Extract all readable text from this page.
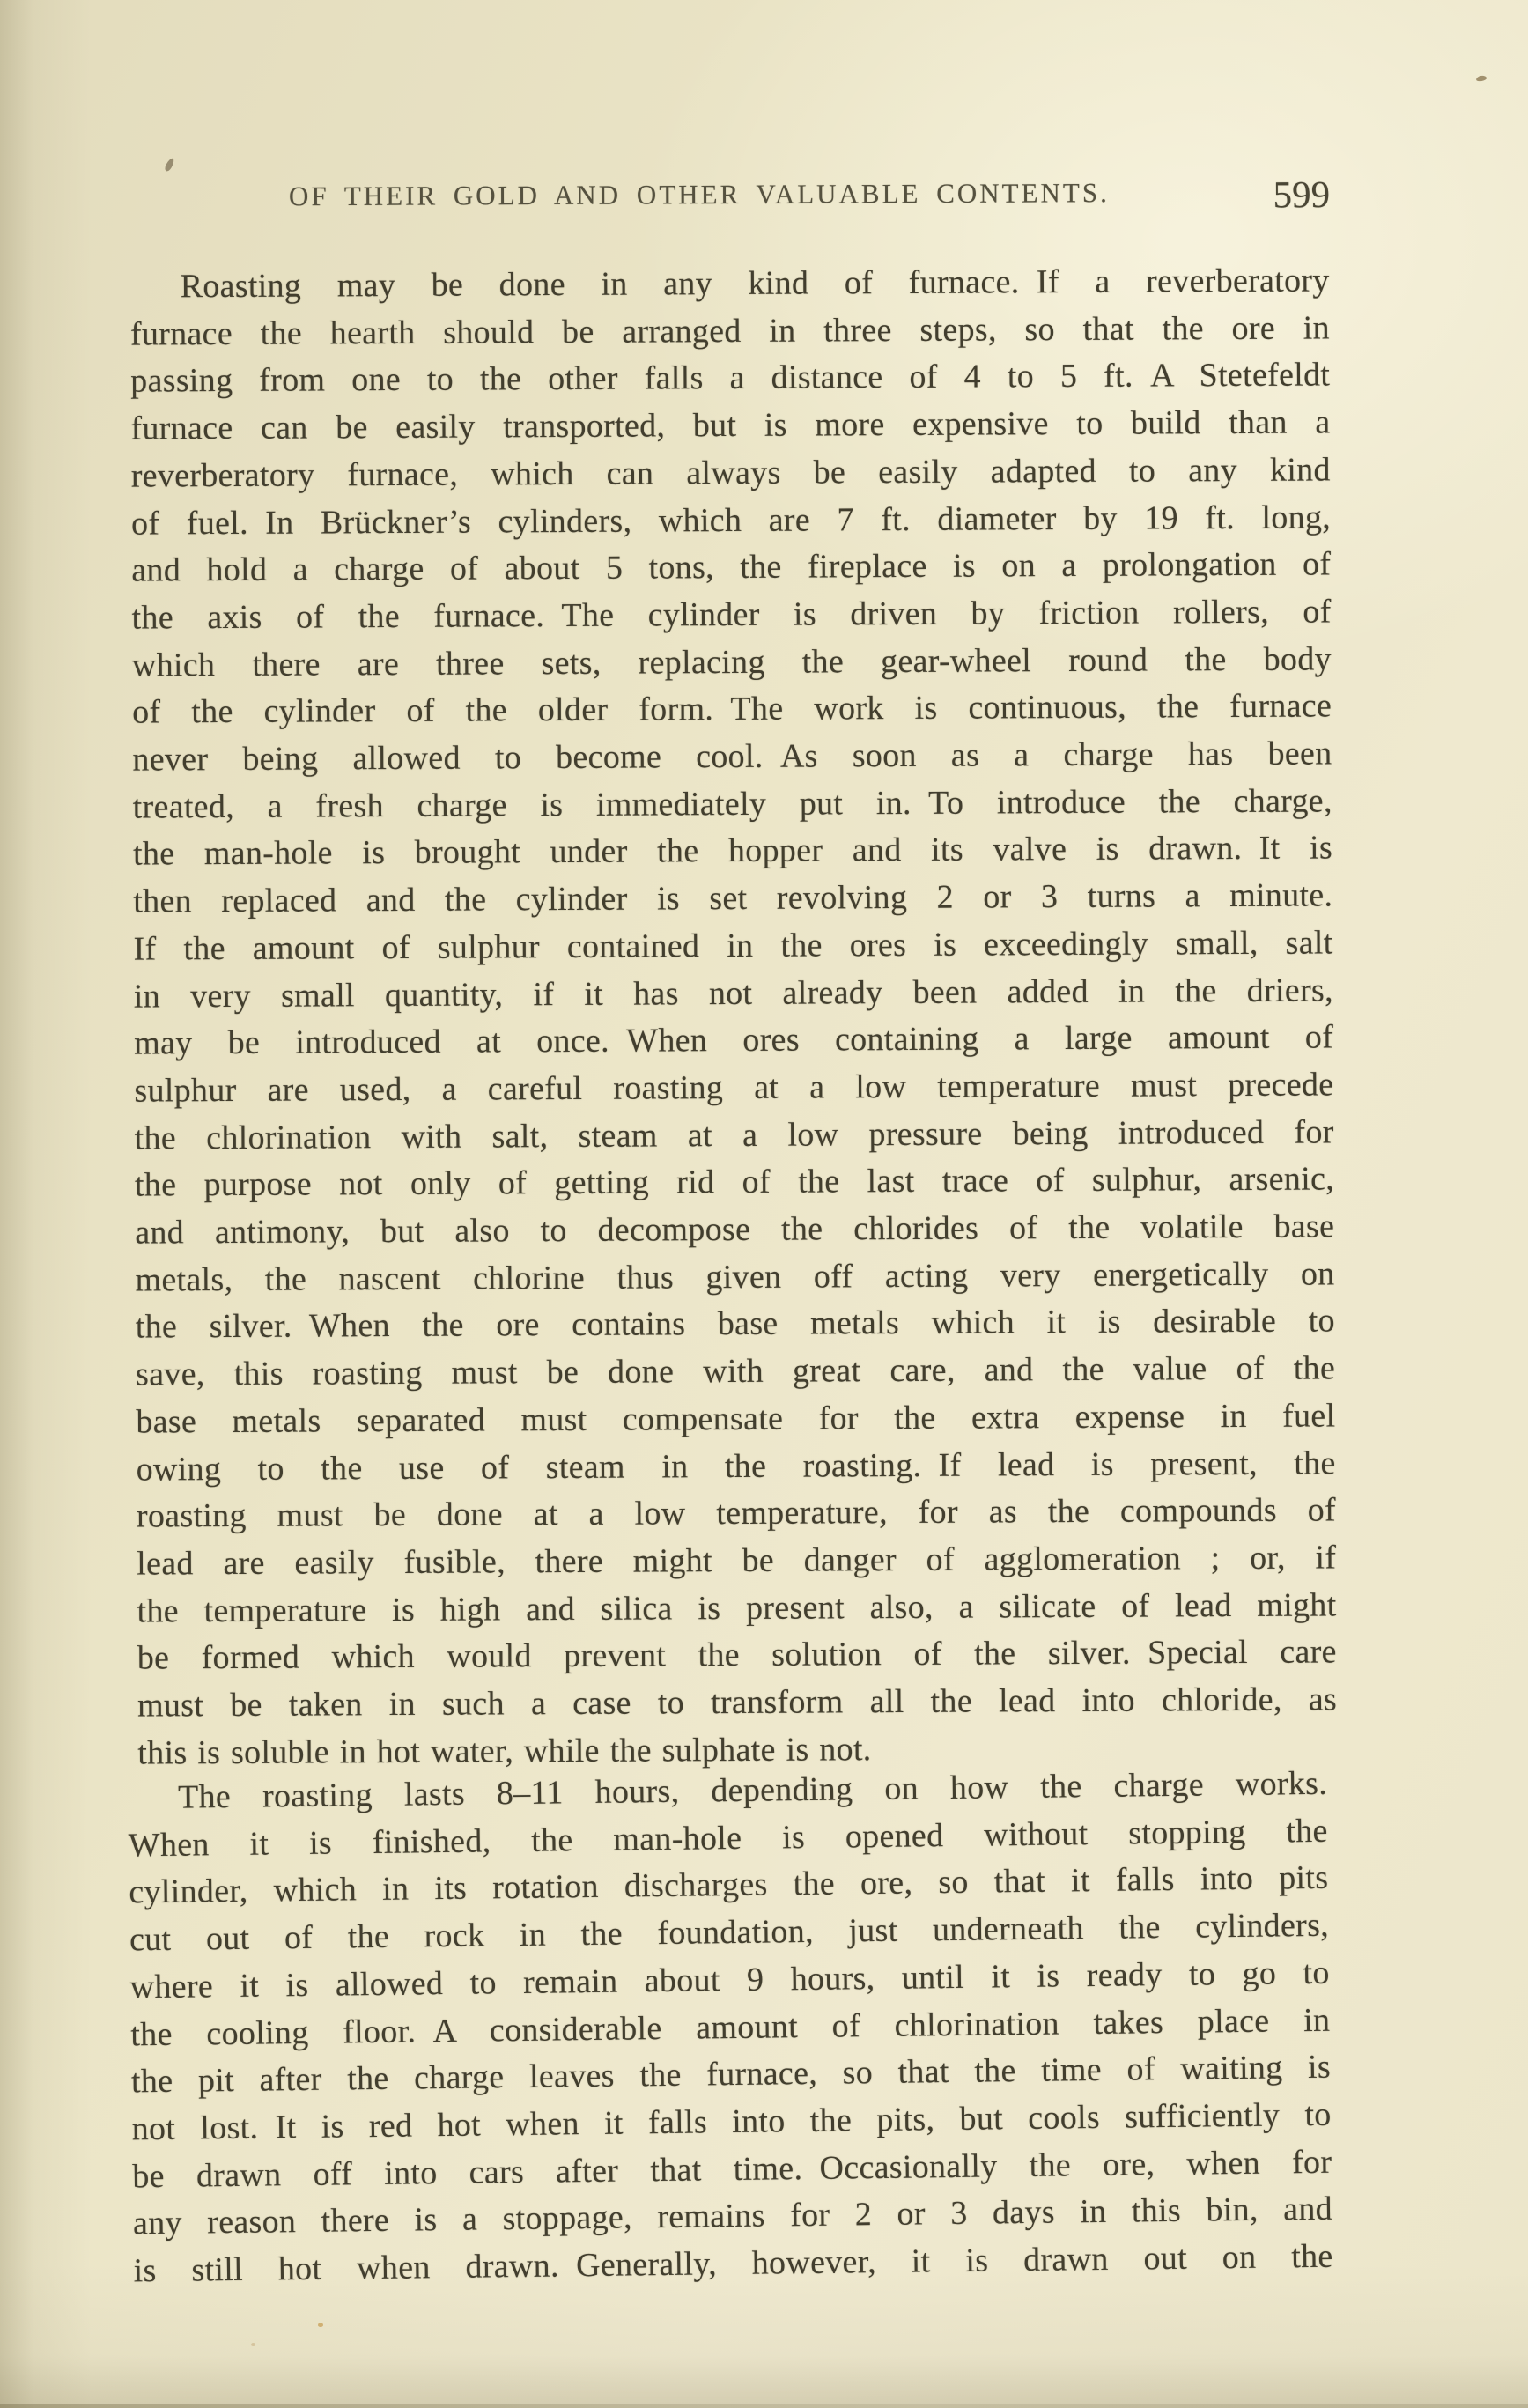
OF THEIR GOLD AND OTHER VALUABLE CONTENTS.	599
Roasting may be done in any kind of furnace. If a reverberatory
furnace the hearth should be arranged in three steps, so that the ore in
passing from one to the other falls a distance of 4 to 5 ft. A Stetefeldt
furnace can be easily transported, but is more expensive to build than a
reverberatory furnace, which can always be easily adapted to any kind
of fuel. In Brückner’s cylinders, which are 7 ft. diameter by 19 ft. long,
and hold a charge of about 5 tons, the fireplace is on a prolongation of
the axis of the furnace. The cylinder is driven by friction rollers, of
which there are three sets, replacing the gear-wheel round the body
of the cylinder of the older form. The work is continuous, the furnace
never being allowed to become cool. As soon as a charge has been
treated, a fresh charge is immediately put in. To introduce the charge,
the man-hole is brought under the hopper and its valve is drawn. It is
then replaced and the cylinder is set revolving 2 or 3 turns a minute.
If the amount of sulphur contained in the ores is exceedingly small, salt
in very small quantity, if it has not already been added in the driers,
may be introduced at once. When ores containing a large amount of
sulphur are used, a careful roasting at a low temperature must precede
the chlorination with salt, steam at a low pressure being introduced for
the purpose not only of getting rid of the last trace of sulphur, arsenic,
and antimony, but also to decompose the chlorides of the volatile base
metals, the nascent chlorine thus given off acting very energetically on
the silver. When the ore contains base metals which it is desirable to
save, this roasting must be done with great care, and the value of the
base metals separated must compensate for the extra expense in fuel
owing to the use of steam in the roasting. If lead is present, the
roasting must be done at a low temperature, for as the compounds of
lead are easily fusible, there might be danger of agglomeration ; or, if
the temperature is high and silica is present also, a silicate of lead might
be formed which would prevent the solution of the silver. Special care
must be taken in such a case to transform all the lead into chloride, as
this is soluble in hot water, while the sulphate is not.
The roasting lasts 8–11 hours, depending on how the charge works.
When it is finished, the man-hole is opened without stopping the
cylinder, which in its rotation discharges the ore, so that it falls into pits
cut out of the rock in the foundation, just underneath the cylinders,
where it is allowed to remain about 9 hours, until it is ready to go to
the cooling floor. A considerable amount of chlorination takes place in
the pit after the charge leaves the furnace, so that the time of waiting is
not lost. It is red hot when it falls into the pits, but cools sufficiently to
be drawn off into cars after that time. Occasionally the ore, when for
any reason there is a stoppage, remains for 2 or 3 days in this bin, and
is still hot when drawn. Generally, however, it is drawn out on the
